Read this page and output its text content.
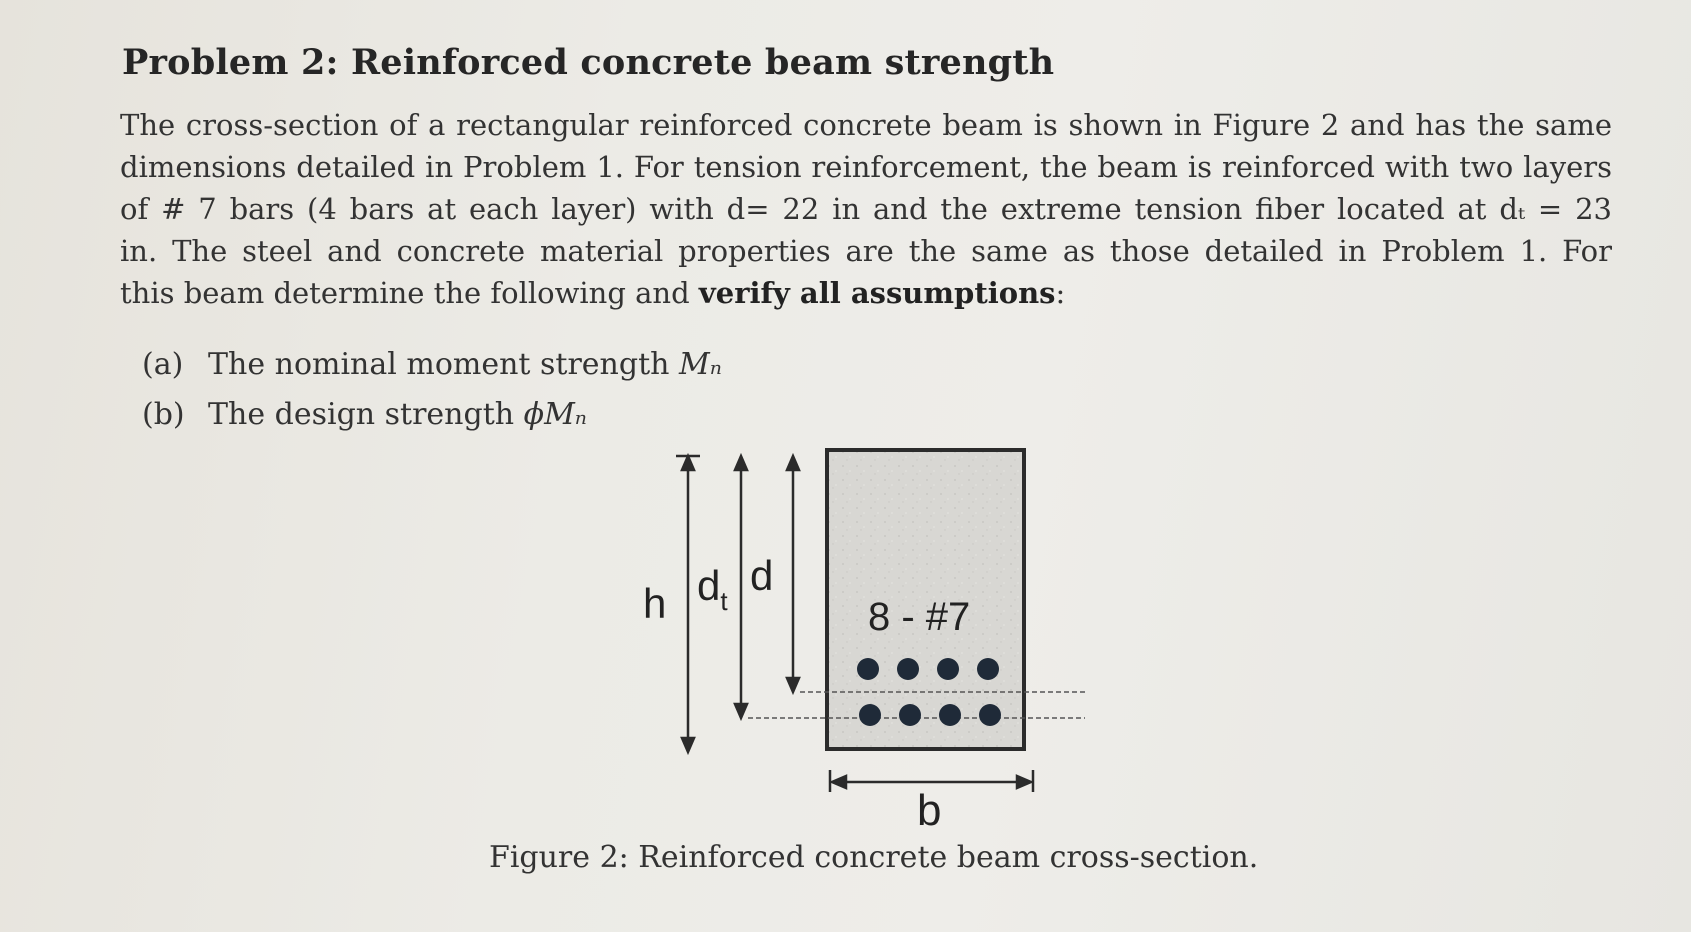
Problem 2: Reinforced concrete beam strength
The cross-section of a rectangular reinforced concrete beam is shown in Figure 2 and has the same
dimensions detailed in Problem 1. For tension reinforcement, the beam is reinforced with two layers
of # 7 bars (4 bars at each layer) with d= 22 in and the extreme tension fiber located at dₜ = 23
in. The steel and concrete material properties are the same as those detailed in Problem 1. For
this beam determine the following and verify all assumptions:
(a) The nominal moment strength Mₙ
(b) The design strength ϕMₙ
h $d_t$
d
8 - #7
b
Figure 2: Reinforced concrete beam cross-section.
